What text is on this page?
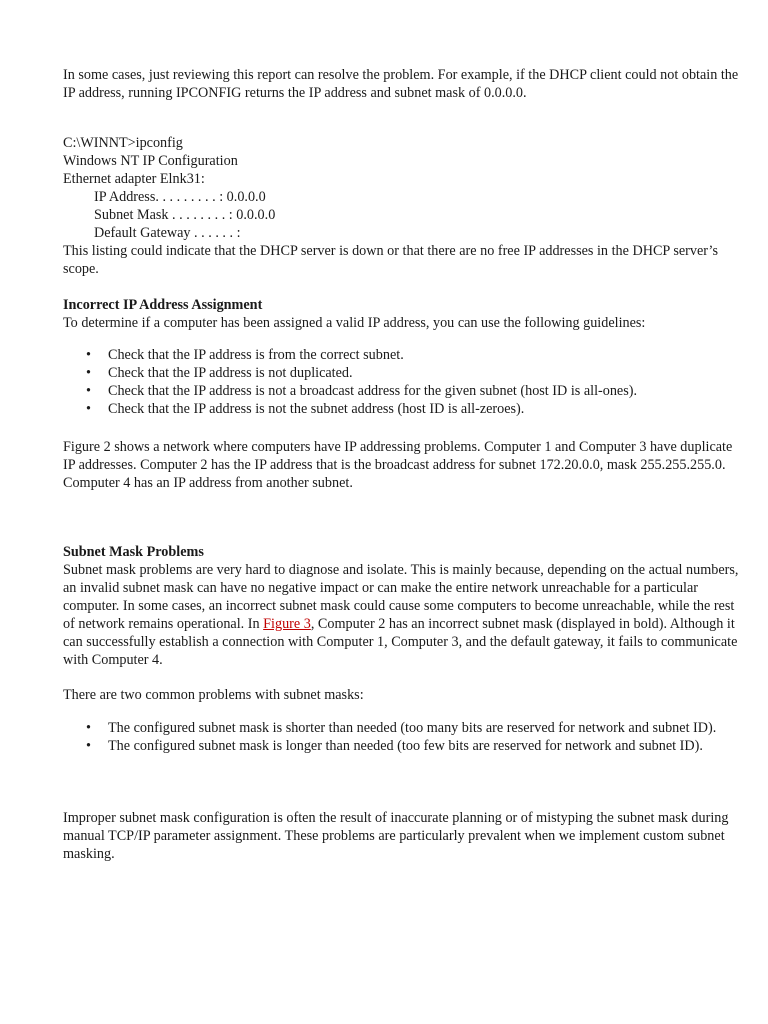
In some cases, just reviewing this report can resolve the problem. For example, if the DHCP client could not obtain the IP address, running IPCONFIG returns the IP address and subnet mask of 0.0.0.0.

C:\WINNT>ipconfig
Windows NT IP Configuration
Ethernet adapter Elnk31:
IP Address. . . . . . . . . : 0.0.0.0
Subnet Mask . . . . . . . . : 0.0.0.0
Default Gateway . . . . . . :

This listing could indicate that the DHCP server is down or that there are no free IP addresses in the DHCP server’s scope.

Incorrect IP Address Assignment

To determine if a computer has been assigned a valid IP address, you can use the following guidelines:

• Check that the IP address is from the correct subnet.
• Check that the IP address is not duplicated.
• Check that the IP address is not a broadcast address for the given subnet (host ID is all-ones).
• Check that the IP address is not the subnet address (host ID is all-zeroes).

Figure 2 shows a network where computers have IP addressing problems. Computer 1 and Computer 3 have duplicate IP addresses. Computer 2 has the IP address that is the broadcast address for subnet 172.20.0.0, mask 255.255.255.0. Computer 4 has an IP address from another subnet.

Subnet Mask Problems

Subnet mask problems are very hard to diagnose and isolate. This is mainly because, depending on the actual numbers, an invalid subnet mask can have no negative impact or can make the entire network unreachable for a particular computer. In some cases, an incorrect subnet mask could cause some computers to become unreachable, while the rest of network remains operational. In Figure 3, Computer 2 has an incorrect subnet mask (displayed in bold). Although it can successfully establish a connection with Computer 1, Computer 3, and the default gateway, it fails to communicate with Computer 4.

There are two common problems with subnet masks:

• The configured subnet mask is shorter than needed (too many bits are reserved for network and subnet ID).
• The configured subnet mask is longer than needed (too few bits are reserved for network and subnet ID).

Improper subnet mask configuration is often the result of inaccurate planning or of mistyping the subnet mask during manual TCP/IP parameter assignment. These problems are particularly prevalent when we implement custom subnet masking.
